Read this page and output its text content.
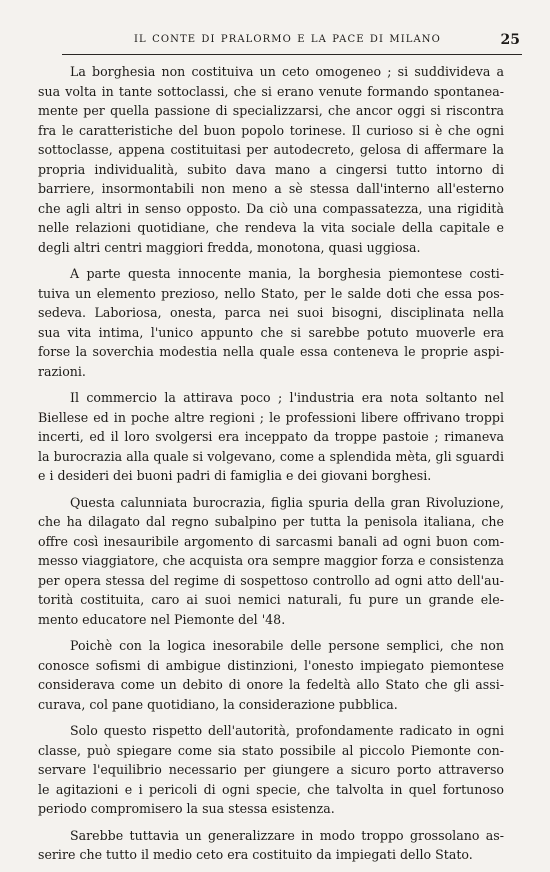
IL CONTE DI PRALORMO E LA PACE DI MILANO	25
La borghesia non costituiva un ceto omogeneo ; si suddivideva a
sua volta in tante sottoclassi, che si erano venute formando spontanea-
mente per quella passione di specializzarsi, che ancor oggi si riscontra
fra le caratteristiche del buon popolo torinese. Il curioso si è che ogni
sottoclasse, appena costituitasi per autodecreto, gelosa di affermare la
propria individualità, subito dava mano a cingersi tutto intorno di
barriere, insormontabili non meno a sè stessa dall'interno all'esterno
che agli altri in senso opposto. Da ciò una compassatezza, una rigidità
nelle relazioni quotidiane, che rendeva la vita sociale della capitale e
degli altri centri maggiori fredda, monotona, quasi uggiosa.
A parte questa innocente mania, la borghesia piemontese costi-
tuiva un elemento prezioso, nello Stato, per le salde doti che essa pos-
sedeva. Laboriosa, onesta, parca nei suoi bisogni, disciplinata nella
sua vita intima, l'unico appunto che si sarebbe potuto muoverle era
forse la soverchia modestia nella quale essa conteneva le proprie aspi-
razioni.
Il commercio la attirava poco ; l'industria era nota soltanto nel
Biellese ed in poche altre regioni ; le professioni libere offrivano troppi
incerti, ed il loro svolgersi era inceppato da troppe pastoie ; rimaneva
la burocrazia alla quale si volgevano, come a splendida mèta, gli sguardi
e i desideri dei buoni padri di famiglia e dei giovani borghesi.
Questa calunniata burocrazia, figlia spuria della gran Rivoluzione,
che ha dilagato dal regno subalpino per tutta la penisola italiana, che
offre così inesauribile argomento di sarcasmi banali ad ogni buon com-
messo viaggiatore, che acquista ora sempre maggior forza e consistenza
per opera stessa del regime di sospettoso controllo ad ogni atto dell'au-
torità costituita, caro ai suoi nemici naturali, fu pure un grande ele-
mento educatore nel Piemonte del '48.
Poichè con la logica inesorabile delle persone semplici, che non
conosce sofismi di ambigue distinzioni, l'onesto impiegato piemontese
considerava come un debito di onore la fedeltà allo Stato che gli assi-
curava, col pane quotidiano, la considerazione pubblica.
Solo questo rispetto dell'autorità, profondamente radicato in ogni
classe, può spiegare come sia stato possibile al piccolo Piemonte con-
servare l'equilibrio necessario per giungere a sicuro porto attraverso
le agitazioni e i pericoli di ogni specie, che talvolta in quel fortunoso
periodo compromisero la sua stessa esistenza.
Sarebbe tuttavia un generalizzare in modo troppo grossolano as-
serire che tutto il medio ceto era costituito da impiegati dello Stato.
